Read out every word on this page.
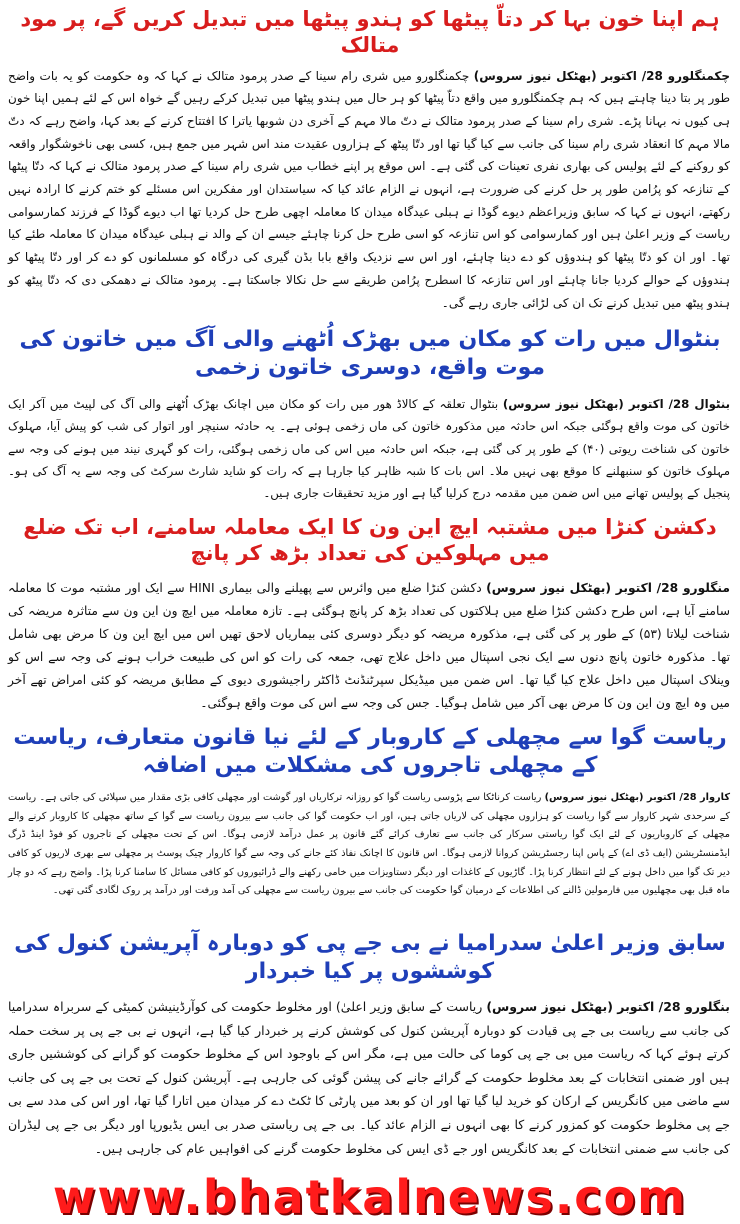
ہم اپنا خون بہا کر دتاّ پیٹھا کو ہندو پیٹھا میں تبدیل کریں گے، پر مود متالک

چکمنگلورو 28/ اکتوبر (بھٹکل نیوز سروس) چکمنگلورو میں شری رام سینا کے صدر پرمود متالک نے کہا کہ وہ حکومت کو یہ بات واضح طور پر بتا دینا چاہتے ہیں کہ ہم چکمنگلورو میں واقع دتاّ پیٹھا کو ہر حال میں ہندو پیٹھا میں تبدیل کرکے رہیں گے خواہ اس کے لئے ہمیں اپنا خون ہی کیوں نہ بہانا پڑے۔ شری رام سینا کے صدر پرمود متالک نے دتّ مالا مہم کے آخری دن شوبھا یاترا کا افتتاح کرنے کے بعد کہا، واضح رہے کہ دتّ مالا مہم کا انعقاد شری رام سینا کی جانب سے کیا گیا تھا اور دتّا پیٹھ کے ہزاروں عقیدت مند اس شہر میں جمع ہیں، کسی بھی ناخوشگوار واقعہ کو روکنے کے لئے پولیس کی بھاری نفری تعینات کی گئی ہے۔ اس موقع پر اپنے خطاب میں شری رام سینا کے صدر پرمود متالک نے کہا کہ دتّا پیٹھا کے تنازعہ کو پرُامن طور پر حل کرنے کی ضرورت ہے، انہوں نے الزام عائد کیا کہ سیاستدان اور مفکرین اس مسئلے کو ختم کرنے کا ارادہ نہیں رکھتے، انہوں نے کہا کہ سابق وزیراعظم دیوے گوڈا نے ہبلی عیدگاہ میدان کا معاملہ اچھی طرح حل کردیا تھا اب دیوے گوڈا کے فرزند کمارسوامی ریاست کے وزیر اعلیٰ ہیں اور کمارسوامی کو اس تنازعہ کو اسی طرح حل کرنا چاہئے جیسے ان کے والد نے ہبلی عیدگاہ میدان کا معاملہ طئے کیا تھا۔ اور ان کو دتّا پیٹھا کو ہندوؤں کو دے دینا چاہئے، اور اس سے نزدیک واقع بابا بڈن گیری کی درگاہ کو مسلمانوں کو دے کر اور دتّا پیٹھا کو ہندوؤں کے حوالے کردیا جانا چاہئے اور اس تنازعہ کا اسطرح پرُامن طریقے سے حل نکالا جاسکتا ہے۔ پرمود متالک نے دھمکی دی کہ دتّا پیٹھ کو ہندو پیٹھ میں تبدیل کرنے تک ان کی لڑائی جاری رہے گی۔

بنٹوال میں رات کو مکان میں بھڑک اُٹھنے والی آگ میں خاتون کی موت واقع، دوسری خاتون زخمی

بنٹوال 28/ اکتوبر (بھٹکل نیوز سروس) بنٹوال تعلقہ کے کالاڈ ھور میں رات کو مکان میں اچانک بھڑک اُٹھنے والی آگ کی لپیٹ میں آکر ایک خاتون کی موت واقع ہوگئی جبکہ اس حادثہ میں مذکورہ خاتون کی ماں زخمی ہوئی ہے۔ یہ حادثہ سنیچر اور اتوار کی شب کو پیش آیا، مہلوک خاتون کی شناخت ریوتی (۴۰) کے طور پر کی گئی ہے، جبکہ اس حادثہ میں اس کی ماں زخمی ہوگئی، رات کو گہری نیند میں ہونے کی وجہ سے مہلوک خاتون کو سنبھلنے کا موقع بھی نہیں ملا۔ اس بات کا شبہ ظاہر کیا جارہا ہے کہ رات کو شاید شارٹ سرکٹ کی وجہ سے یہ آگ کی ہو۔ پنجیل کے پولیس تھانے میں اس ضمن میں مقدمہ درج کرلیا گیا ہے اور مزید تحقیقات جاری ہیں۔

دکشن کنڑا میں مشتبہ ایچ این ون کا ایک معاملہ سامنے، اب تک ضلع میں مہلوکین کی تعداد بڑھ کر پانچ

منگلورو 28/ اکتوبر (بھٹکل نیوز سروس) دکشن کنڑا ضلع میں وائرس سے پھیلنے والی بیماری HINI سے ایک اور مشتبہ موت کا معاملہ سامنے آیا ہے، اس طرح دکشن کنڑا ضلع میں ہلاکتوں کی تعداد بڑھ کر پانچ ہوگئی ہے۔ تازہ معاملہ میں ایچ ون این ون سے متاثرہ مریضہ کی شناخت لیلاتا (۵۳) کے طور پر کی گئی ہے، مذکورہ مریضہ کو دیگر دوسری کئی بیماریاں لاحق تھیں اس میں ایچ این ون کا مرض بھی شامل تھا۔ مذکورہ خاتون پانچ دنوں سے ایک نجی اسپتال میں داخل علاج تھی، جمعہ کی رات کو اس کی طبیعت خراب ہونے کی وجہ سے اس کو وینلاک اسپتال میں داخل علاج کیا گیا تھا۔ اس ضمن میں میڈیکل سپرٹنڈنٹ ڈاکٹر راجیشوری دیوی کے مطابق مریضہ کو کئی امراض تھے آخر میں وہ ایچ ون این ون کا مرض بھی آکر میں شامل ہوگیا۔ جس کی وجہ سے اس کی موت واقع ہوگئی۔

ریاست گوا سے مچھلی کے کاروبار کے لئے نیا قانون متعارف، ریاست کے مچھلی تاجروں کی مشکلات میں اضافہ

کاروار 28/ اکتوبر (بھٹکل نیوز سروس) ریاست کرناٹکا سے پڑوسی ریاست گوا کو روزانہ ترکاریاں اور گوشت اور مچھلی کافی بڑی مقدار میں سپلائی کی جاتی ہے۔ ریاست کے سرحدی شہر کاروار سے گوا ریاست کو ہزاروں مچھلی کی لاریاں جاتی ہیں، اور اب حکومت گوا کی جانب سے بیرون ریاست سے گوا کے ساتھ مچھلی کا کاروبار کرنے والے مچھلی کے کاروباریوں کے لئے ایک گوا ریاستی سرکار کی جانب سے تعارف کرائے گئے قانون پر عمل درآمد لازمی ہوگا۔ اس کے تحت مچھلی کے تاجروں کو فوڈ اینڈ ڈرگ ایڈمنسٹریشن (ایف ڈی اے) کے پاس اپنا رجسٹریشن کروانا لازمی ہوگا۔ اس قانون کا اچانک نفاذ کئے جانے کی وجہ سے گوا کاروار چیک پوسٹ پر مچھلی سے بھری لاریوں کو کافی دیر تک گوا میں داخل ہونے کے لئے انتظار کرنا پڑا۔ گاڑیوں کے کاغذات اور دیگر دستاویزات میں خامی رکھنے والے ڈرائیوروں کو کافی مسائل کا سامنا کرنا پڑا۔ واضح رہے کہ دو چار ماہ قبل بھی مچھلیوں میں فارمولین ڈالنے کی اطلاعات کے درمیان گوا حکومت کی جانب سے بیرون ریاست سے مچھلی کی آمد ورفت اور درآمد پر روک لگادی گئی تھی۔

سابق وزیر اعلیٰ سدرامیا نے بی جے پی کو دوبارہ آپریشن کنول کی کوششوں پر کیا خبردار

بنگلورو 28/ اکتوبر (بھٹکل نیوز سروس) ریاست کے سابق وزیر اعلیٰ) اور مخلوط حکومت کی کوآرڈینیشن کمیٹی کے سربراہ سدرامیا کی جانب سے ریاست بی جے پی قیادت کو دوبارہ آپریشن کنول کی کوشش کرنے پر خبردار کیا گیا ہے، انہوں نے بی جے پی پر سخت حملہ کرتے ہوئے کہا کہ ریاست میں بی جے پی کوما کی حالت میں ہے، مگر اس کے باوجود اس کے مخلوط حکومت کو گرانے کی کوششیں جاری ہیں اور ضمنی انتخابات کے بعد مخلوط حکومت کے گرائے جانے کی پیشن گوئی کی جارہی ہے۔ آپریشن کنول کے تحت بی جے پی کی جانب سے ماضی میں کانگریس کے ارکان کو خرید لیا گیا تھا اور ان کو بعد میں پارٹی کا ٹکٹ دے کر میدان میں اتارا گیا تھا، اور اس کی مدد سے بی جے پی مخلوط حکومت کو کمزور کرنے کا بھی انہوں نے الزام عائد کیا۔ بی جے پی ریاستی صدر بی ایس یڈیورپا اور دیگر بی جے پی لیڈران کی جانب سے ضمنی انتخابات کے بعد کانگریس اور جے ڈی ایس کی مخلوط حکومت گرنے کی افواہیں عام کی جارہی ہیں۔

www.bhatkalnews.com
